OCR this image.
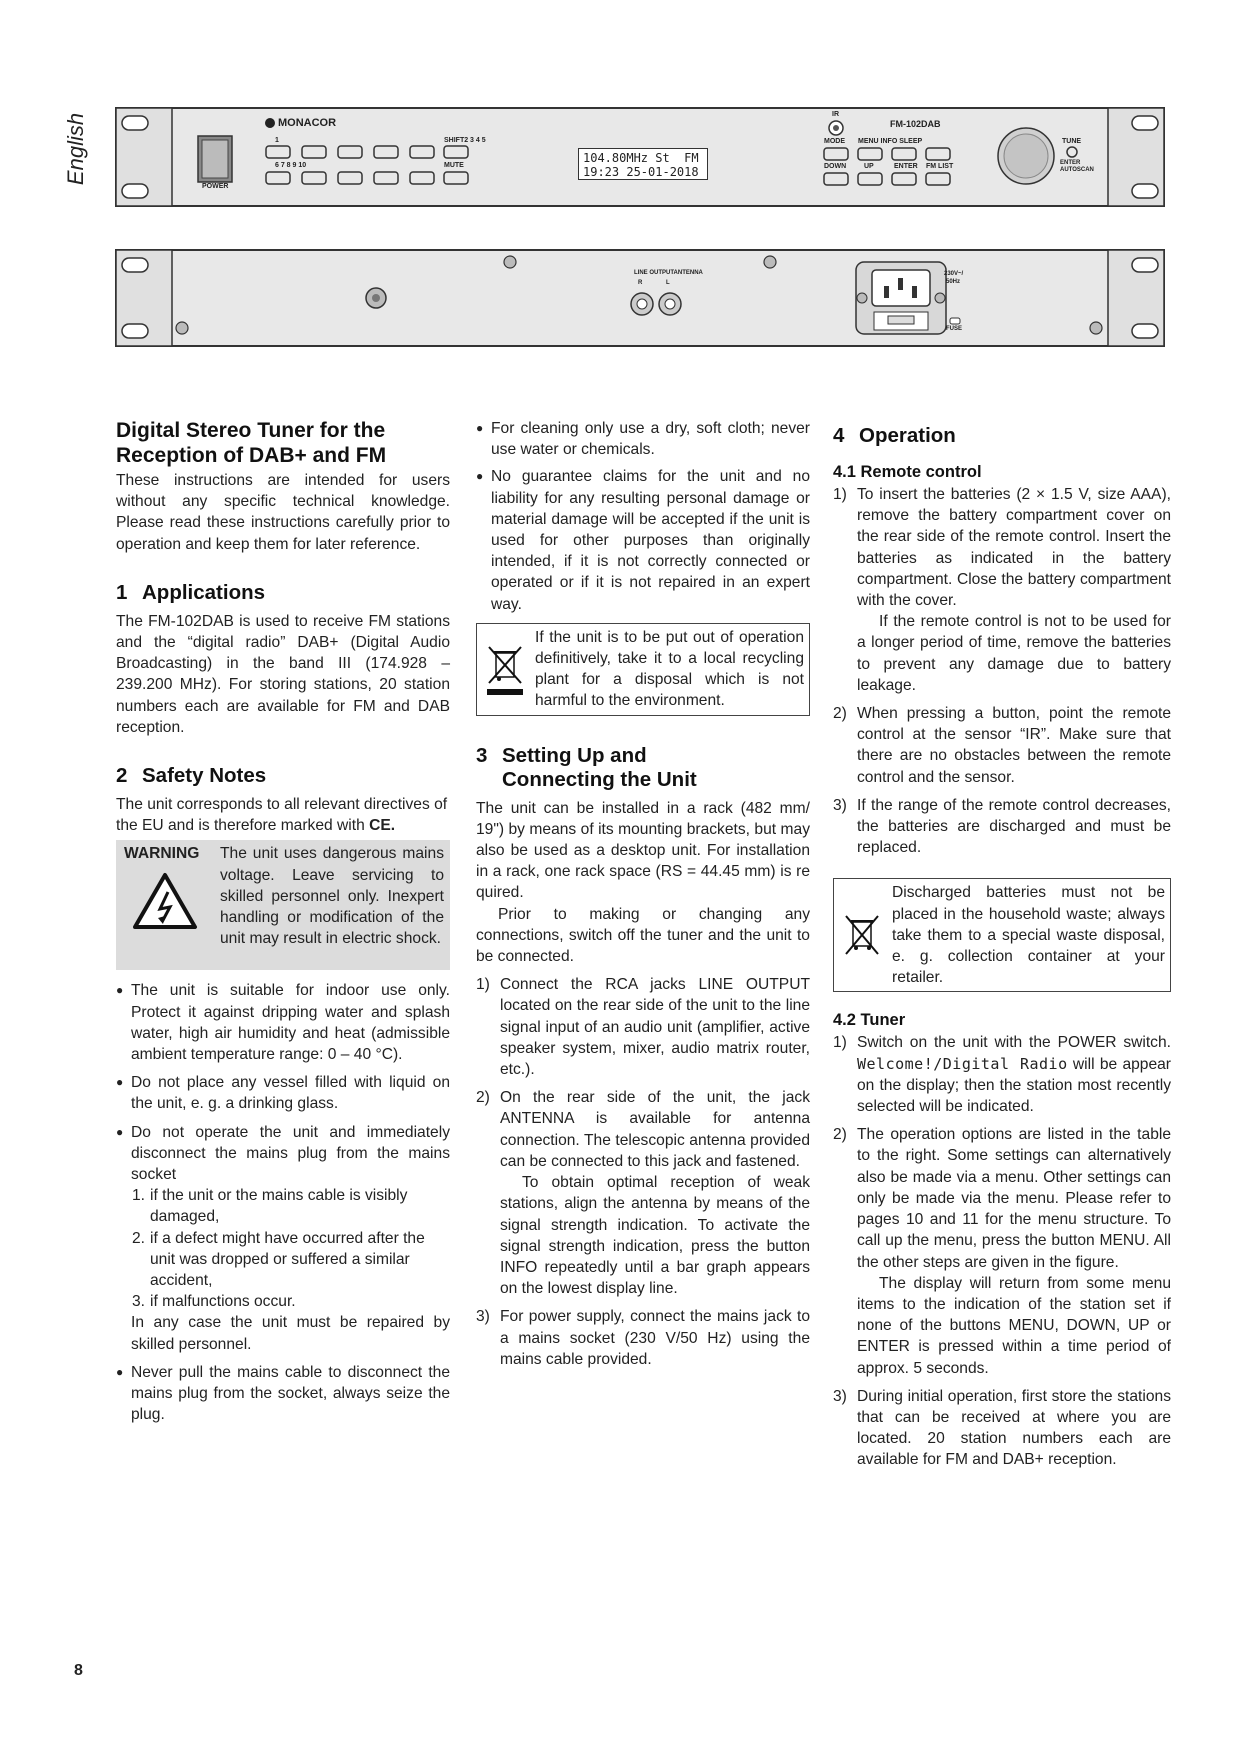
English	MONACOR	FM-102DAB
1	SHIFT2 3 4 5
6 7 8 9 10	MUTE
POWER
IR
MODE MENU INFO SLEEP
DOWN	UP	ENTER FM LIST
TUNE
ENTER AUTOSCAN
104.80MHz St  FM
19:23 25-01-2018
LINE OUTPUTANTENNA
R	L
230V~/
50Hz
FUSE
Digital Stereo Tuner for the
Reception of DAB+ and FM

These instructions are intended for users without any specific technical knowledge. Please read these instructions carefully prior to operation and keep them for later reference.

1 Applications

The FM-102DAB is used to receive FM stations and the “digital radio” DAB+ (Digital Audio Broadcasting) in the band III (174.928 – 239.200 MHz). For storing stations, 20 station numbers each are available for FM and DAB reception.

2 Safety Notes

The unit corresponds to all relevant directives of the EU and is therefore marked with CE.

WARNING The unit uses dangerous mains voltage. Leave servicing to skilled personnel only. Inexpert handling or modification of the unit may result in electric shock.
● The unit is suitable for indoor use only. Protect it against dripping water and splash water, high air humidity and heat (admissible ambient temperature range: 0 – 40 °C).
● Do not place any vessel filled with liquid on the unit, e. g. a drinking glass.
● Do not operate the unit and immediately disconnect the mains plug from the mains socket
1. if the unit or the mains cable is visibly damaged,
2. if a defect might have occurred after the unit was dropped or suffered a similar accident,
3. if malfunctions occur.
In any case the unit must be repaired by skilled personnel.
● Never pull the mains cable to disconnect the mains plug from the socket, always seize the plug.
● For cleaning only use a dry, soft cloth; never use water or chemicals.
● No guarantee claims for the unit and no liability for any resulting personal damage or material damage will be accepted if the unit is used for other purposes than originally intended, if it is not correctly connected or operated or if it is not repaired in an expert way.
If the unit is to be put out of operation definitively, take it to a local recycling plant for a disposal which is not harmful to the environment.
3 Setting Up and
Connecting the Unit

The unit can be installed in a rack (482 mm/ 19") by means of its mounting brackets, but may also be used as a desktop unit. For installation in a rack, one rack space (RS = 44.45 mm) is re quired.

Prior to making or changing any connections, switch off the tuner and the unit to be connected.

1) Connect the RCA jacks LINE OUTPUT located on the rear side of the unit to the line signal input of an audio unit (amplifier, active speaker system, mixer, audio matrix router, etc.).
2) On the rear side of the unit, the jack ANTENNA is available for antenna connection. The telescopic antenna provided can be connected to this jack and fastened.

To obtain optimal reception of weak stations, align the antenna by means of the signal strength indication. To activate the signal strength indication, press the button INFO repeatedly until a bar graph appears on the lowest display line.

3) For power supply, connect the mains jack to a mains socket (230 V/50 Hz) using the mains cable provided.
4 Operation
4.1 Remote control
1) To insert the batteries (2 × 1.5 V, size AAA), remove the battery compartment cover on the rear side of the remote control. Insert the batteries as indicated in the battery compartment. Close the battery compartment with the cover.

If the remote control is not to be used for a longer period of time, remove the batteries to prevent any damage due to battery leakage.

2) When pressing a button, point the remote control at the sensor “IR”. Make sure that there are no obstacles between the remote control and the sensor.
3) If the range of the remote control decreases, the batteries are discharged and must be replaced.
Discharged batteries must not be placed in the household waste; always take them to a special waste disposal, e. g. collection container at your retailer.
4.2 Tuner
1) Switch on the unit with the POWER switch. Welcome!/Digital Radio will be appear on the display; then the station most recently selected will be indicated.
2) The operation options are listed in the table to the right. Some settings can alternatively also be made via a menu. Other settings can only be made via the menu. Please refer to pages 10 and 11 for the menu structure. To call up the menu, press the button MENU. All the other steps are given in the figure.

The display will return from some menu items to the indication of the station set if none of the buttons MENU, DOWN, UP or ENTER is pressed within a time period of approx. 5 seconds.

3) During initial operation, first store the stations that can be received at where you are located. 20 station numbers each are available for FM and DAB+ reception.
8
